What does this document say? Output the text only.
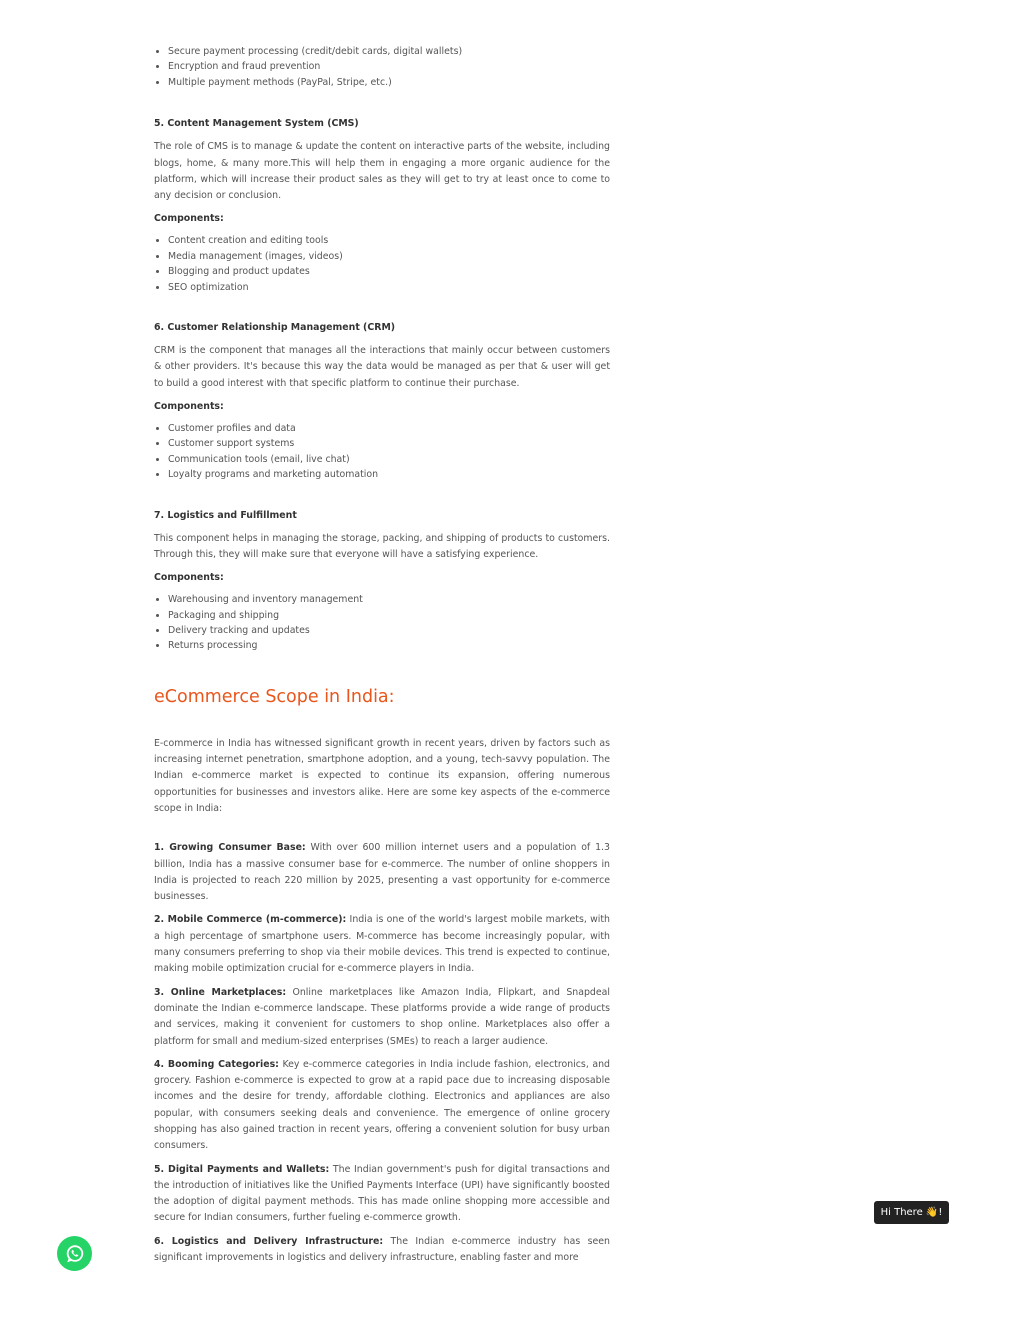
• Secure payment processing (credit/debit cards, digital wallets)
• Encryption and fraud prevention
• Multiple payment methods (PayPal, Stripe, etc.)
5. Content Management System (CMS)

The role of CMS is to manage & update the content on interactive parts of the website, including blogs, home, & many more.This will help them in engaging a more organic audience for the platform, which will increase their product sales as they will get to try at least once to come to any decision or conclusion.

Components:

• Content creation and editing tools
• Media management (images, videos)
• Blogging and product updates
• SEO optimization
6. Customer Relationship Management (CRM)

CRM is the component that manages all the interactions that mainly occur between customers & other providers. It's because this way the data would be managed as per that & user will get to build a good interest with that specific platform to continue their purchase.

Components:

• Customer profiles and data
• Customer support systems
• Communication tools (email, live chat)
• Loyalty programs and marketing automation
7. Logistics and Fulfillment

This component helps in managing the storage, packing, and shipping of products to customers. Through this, they will make sure that everyone will have a satisfying experience.

Components:

• Warehousing and inventory management
• Packaging and shipping
• Delivery tracking and updates
• Returns processing
eCommerce Scope in India:

E-commerce in India has witnessed significant growth in recent years, driven by factors such as increasing internet penetration, smartphone adoption, and a young, tech-savvy population. The Indian e-commerce market is expected to continue its expansion, offering numerous opportunities for businesses and investors alike. Here are some key aspects of the e-commerce scope in India:

1. Growing Consumer Base: With over 600 million internet users and a population of 1.3 billion, India has a massive consumer base for e-commerce. The number of online shoppers in India is projected to reach 220 million by 2025, presenting a vast opportunity for e-commerce businesses.

2. Mobile Commerce (m-commerce): India is one of the world's largest mobile markets, with a high percentage of smartphone users. M-commerce has become increasingly popular, with many consumers preferring to shop via their mobile devices. This trend is expected to continue, making mobile optimization crucial for e-commerce players in India.

3. Online Marketplaces: Online marketplaces like Amazon India, Flipkart, and Snapdeal dominate the Indian e-commerce landscape. These platforms provide a wide range of products and services, making it convenient for customers to shop online. Marketplaces also offer a platform for small and medium-sized enterprises (SMEs) to reach a larger audience.

4. Booming Categories: Key e-commerce categories in India include fashion, electronics, and grocery. Fashion e-commerce is expected to grow at a rapid pace due to increasing disposable incomes and the desire for trendy, affordable clothing. Electronics and appliances are also popular, with consumers seeking deals and convenience. The emergence of online grocery shopping has also gained traction in recent years, offering a convenient solution for busy urban consumers.

5. Digital Payments and Wallets: The Indian government's push for digital transactions and the introduction of initiatives like the Unified Payments Interface (UPI) have significantly boosted the adoption of digital payment methods. This has made online shopping more accessible and secure for Indian consumers, further fueling e-commerce growth.

6. Logistics and Delivery Infrastructure: The Indian e-commerce industry has seen significant improvements in logistics and delivery infrastructure, enabling faster and more

Hi There 👋!
